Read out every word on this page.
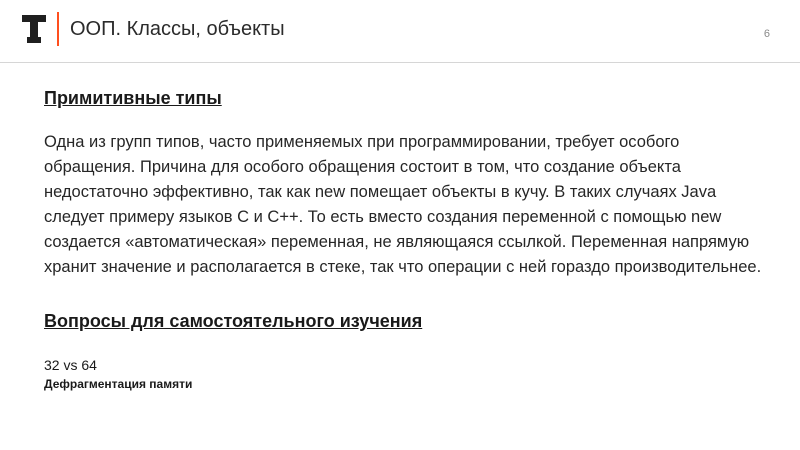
ООП. Классы, объекты	6
Примитивные типы

Одна из групп типов, часто применяемых при программировании, требует особого обращения. Причина для особого обращения состоит в том, что создание объекта недостаточно эффективно, так как new помещает объекты в кучу. В таких случаях Java следует примеру языков С и С++. То есть вместо создания переменной с помощью new создается «автоматическая» переменная, не являющаяся ссылкой. Переменная напрямую хранит значение и располагается в стеке, так что операции с ней гораздо производительнее.

Вопросы для самостоятельного изучения
32 vs 64
Дефрагментация памяти
